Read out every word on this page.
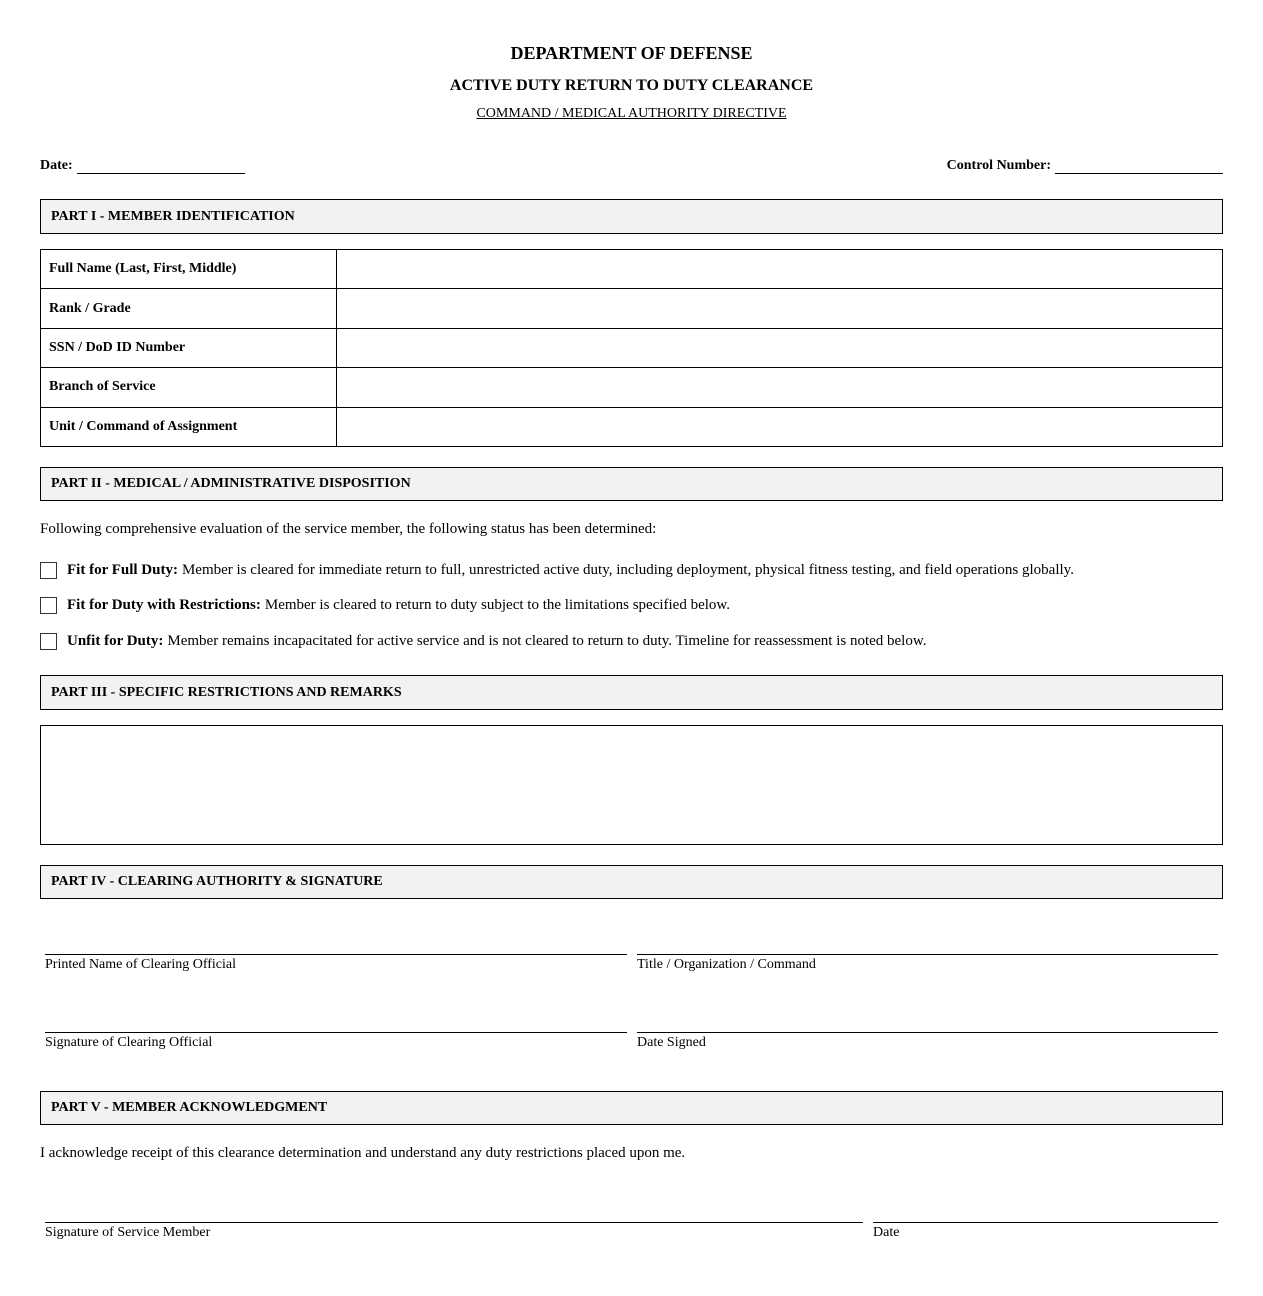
DEPARTMENT OF DEFENSE
ACTIVE DUTY RETURN TO DUTY CLEARANCE
COMMAND / MEDICAL AUTHORITY DIRECTIVE
Date:	Control Number:
PART I - MEMBER IDENTIFICATION
Full Name (Last, First, Middle)	
Rank / Grade	
SSN / DoD ID Number	
Branch of Service	
Unit / Command of Assignment	
PART II - MEDICAL / ADMINISTRATIVE DISPOSITION
Following comprehensive evaluation of the service member, the following status has been determined:
Fit for Full Duty: Member is cleared for immediate return to full, unrestricted active duty, including deployment, physical fitness testing, and field operations globally.
Fit for Duty with Restrictions: Member is cleared to return to duty subject to the limitations specified below.
Unfit for Duty: Member remains incapacitated for active service and is not cleared to return to duty. Timeline for reassessment is noted below.
PART III - SPECIFIC RESTRICTIONS AND REMARKS
PART IV - CLEARING AUTHORITY & SIGNATURE
Printed Name of Clearing Official	Title / Organization / Command
Signature of Clearing Official	Date Signed
PART V - MEMBER ACKNOWLEDGMENT
I acknowledge receipt of this clearance determination and understand any duty restrictions placed upon me.
Signature of Service Member	Date
